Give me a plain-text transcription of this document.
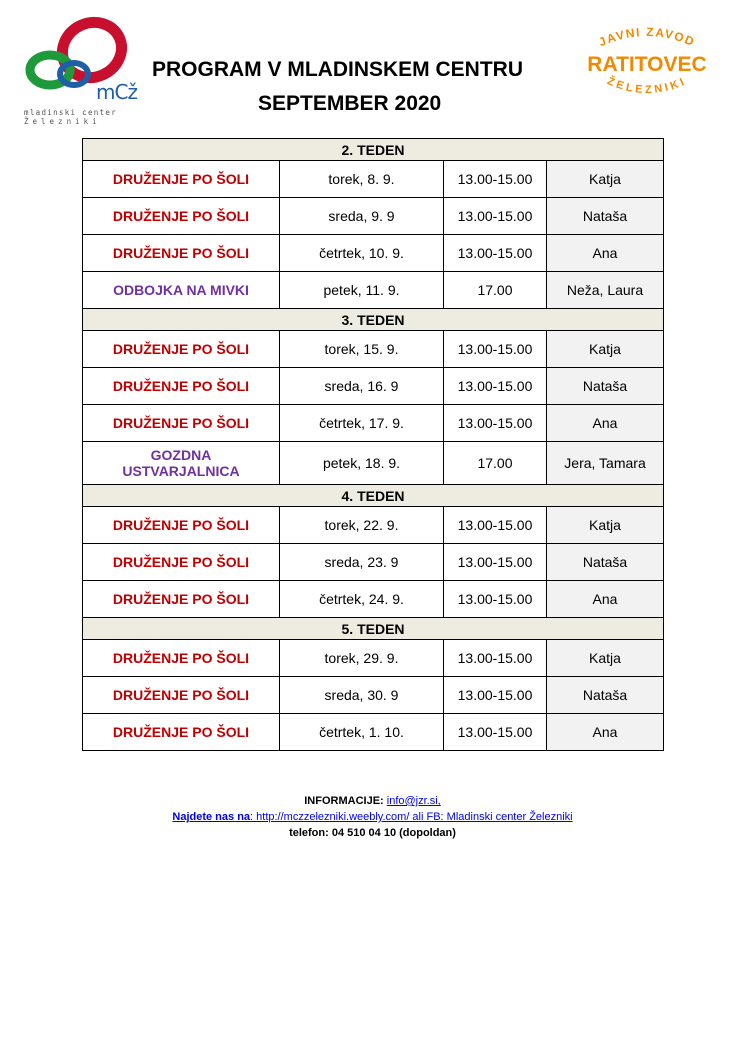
mCž
mladinski center
Železniki
PROGRAM V MLADINSKEM CENTRU
SEPTEMBER 2020
JAVNI ZAVOD
RATITOVEC
ŽELEZNIKI
2. TEDEN			
DRUŽENJE PO ŠOLI	torek, 8. 9.	13.00-15.00	Katja
DRUŽENJE PO ŠOLI	sreda, 9. 9	13.00-15.00	Nataša
DRUŽENJE PO ŠOLI	četrtek, 10. 9.	13.00-15.00	Ana
ODBOJKA NA MIVKI	petek, 11. 9.	17.00	Neža, Laura
3. TEDEN			
DRUŽENJE PO ŠOLI	torek, 15. 9.	13.00-15.00	Katja
DRUŽENJE PO ŠOLI	sreda, 16. 9	13.00-15.00	Nataša
DRUŽENJE PO ŠOLI	četrtek, 17. 9.	13.00-15.00	Ana

GOZDNA
USTVARJALNICA	petek, 18. 9.	17.00	Jera, Tamara
4. TEDEN			
DRUŽENJE PO ŠOLI	torek, 22. 9.	13.00-15.00	Katja
DRUŽENJE PO ŠOLI	sreda, 23. 9	13.00-15.00	Nataša
DRUŽENJE PO ŠOLI	četrtek, 24. 9.	13.00-15.00	Ana
5. TEDEN			
DRUŽENJE PO ŠOLI	torek, 29. 9.	13.00-15.00	Katja
DRUŽENJE PO ŠOLI	sreda, 30. 9	13.00-15.00	Nataša
DRUŽENJE PO ŠOLI	četrtek, 1. 10.	13.00-15.00	Ana
INFORMACIJE: info@jzr.si,
Najdete nas na: http://mczzelezniki.weebly.com/ ali FB: Mladinski center Železniki
telefon: 04 510 04 10 (dopoldan)
